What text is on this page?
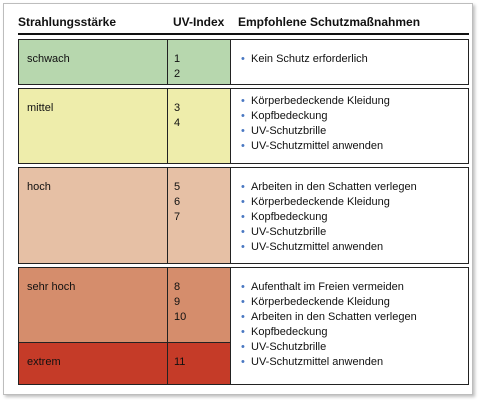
Strahlungsstärke	UV-Index Empfohlene Schutzmaßnahmen
schwach	1
2
• Kein Schutz erforderlich
mittel	3
4
• Körperbedeckende Kleidung
• Kopfbedeckung
• UV-Schutzbrille
• UV-Schutzmittel anwenden
hoch	5
6
7
• Arbeiten in den Schatten verlegen
• Körperbedeckende Kleidung
• Kopfbedeckung
• UV-Schutzbrille
• UV-Schutzmittel anwenden
sehr hoch	8
9
10
extrem	11
• Aufenthalt im Freien vermeiden
• Körperbedeckende Kleidung
• Arbeiten in den Schatten verlegen
• Kopfbedeckung
• UV-Schutzbrille
• UV-Schutzmittel anwenden
